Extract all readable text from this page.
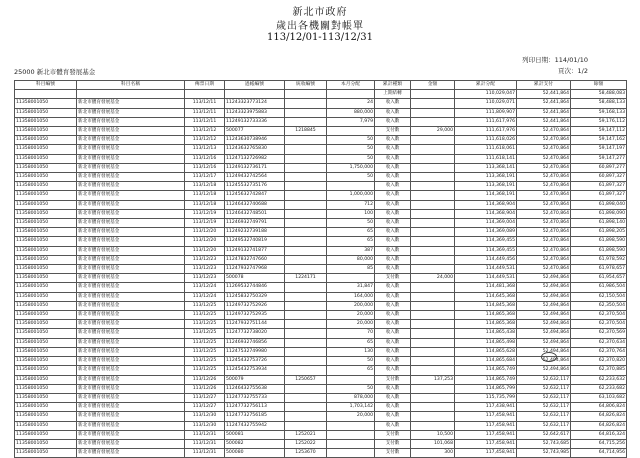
新北市政府
歲出各機關對帳單
113/12/01-113/12/31
列印日期：114/01/10
頁次：1/2
25000 新北市體育發展基金
科目編號	科目名稱	傳票日期	過帳編號	統收編號	本月分配	累計種類	金額	累計分配	累計支付	餘額
						上期結轉		110,029,047	52,441,864	58,488,083
11358001050	新北市體育發展基金	113/12/11	11243323773124		24	收入數		110,029,071	52,441,864	58,488,133
11358001050	新北市體育發展基金	113/12/11	11243323975883		880,000	收入數		111,809,907	52,441,864	59,168,133
11358001050	新北市體育發展基金	113/12/11	11249132733336		7,979	收入數		111,617,976	52,441,864	59,176,112
11358001050	新北市體育發展基金	113/12/12	500077	1218845		支付數	29,000	111,617,976	52,470,864	59,147,112
11358001050	新北市體育發展基金	113/12/12	11243630738946		50	收入數		111,618,026	52,470,864	59,147,162
11358001050	新北市體育發展基金	113/12/13	11243632765830		50	收入數		111,618,061	52,470,864	59,147,197
11358001050	新北市體育發展基金	113/12/16	11247132726982		50	收入數		111,618,141	52,470,864	59,147,277
11358001050	新北市體育發展基金	113/12/16	11249132736171		1,750,000	收入數		113,368,141	52,470,864	60,897,277
11358001050	新北市體育發展基金	113/12/17	11249432742564		50	收入數		113,368,191	52,470,864	60,897,327
11358001050	新北市體育發展基金	113/12/18	11245532735176			收入數		113,368,191	52,470,864	61,897,327
11358001050	新北市體育發展基金	113/12/18	11245632742847		1,000,000	收入數		114,368,191	52,470,864	61,897,327
11358001050	新北市體育發展基金	113/12/18	11246432740688		712	收入數		114,368,904	52,470,864	61,898,040
11358001050	新北市體育發展基金	113/12/19	11246432748501		100	收入數		114,368,904	52,470,864	61,898,090
11358001050	新北市體育發展基金	113/12/19	11246932749791		50	收入數		114,369,004	52,470,864	61,898,140
11358001050	新北市體育發展基金	113/12/20	11249232739188		65	收入數		114,369,089	52,470,864	61,898,205
11358001050	新北市體育發展基金	113/12/20	11249532740819		65	收入數		114,369,455	52,470,864	61,898,590
11358001050	新北市體育發展基金	113/12/20	11249132741877		387	收入數		114,369,455	52,470,864	61,898,590
11358001050	新北市體育發展基金	113/12/23	11247832747660		80,000	收入數		114,449,456	52,470,864	61,978,592
11358001050	新北市體育發展基金	113/12/23	11247932747968		85	收入數		114,449,531	52,470,864	61,978,657
11358001050	新北市體育發展基金	113/12/23	500078	1224171		支付數	24,000	114,449,531	52,494,864	61,954,657
11358001050	新北市體育發展基金	113/12/24	11269532744846		31,847	收入數		114,481,368	52,494,864	61,986,504
11358001050	新北市體育發展基金	113/12/24	11245832750329		164,000	收入數		114,645,368	52,494,864	62,150,504
11358001050	新北市體育發展基金	113/12/25	11249732752926		200,000	收入數		114,845,368	52,494,864	62,350,504
11358001050	新北市體育發展基金	113/12/25	11249732752935		20,000	收入數		114,865,368	52,494,864	62,370,504
11358001050	新北市體育發展基金	113/12/25	11247932751144		20,000	收入數		114,865,368	52,494,864	62,370,504
11358001050	新北市體育發展基金	113/12/25	11247732738020		70	收入數		114,865,438	52,494,864	62,370,569
11358001050	新北市體育發展基金	113/12/25	11246932746856		65	收入數		114,865,498	52,494,864	62,370,634
11358001050	新北市體育發展基金	113/12/25	11247532749980		130	收入數		114,865,628	52,494,864	62,370,764
11358001050	新北市體育發展基金	113/12/25	11245432753726		50	收入數		114,865,684	52,494,864	62,370,820
11358001050	新北市體育發展基金	113/12/25	11245432753934		65	收入數		114,865,749	52,494,864	62,370,885
11358001050	新北市體育發展基金	113/12/26	500079	1250657		支付數	137,253	114,865,749	52,632,117	62,233,632
11358001050	新北市體育發展基金	113/12/26	11246432755638		50	收入數		114,865,799	52,632,117	62,233,682
11358001050	新北市體育發展基金	113/12/27	11247732755733		878,000	收入數		115,735,799	52,632,117	63,103,682
11358001050	新北市體育發展基金	113/12/27	11247732756113		1,703,142	收入數		117,438,941	52,632,117	64,806,824
11358001050	新北市體育發展基金	113/12/30	11247732756185		20,000	收入數		117,458,941	52,632,117	64,826,824
11358001050	新北市體育發展基金	113/12/30	11247432755942			收入數		117,458,941	52,632,117	64,826,824
11358001050	新北市體育發展基金	113/12/31	500081	1252021		支付數	10,500	117,458,941	52,642,617	64,816,324
11358001050	新北市體育發展基金	113/12/31	500082	1252022		支付數	101,068	117,458,941	52,743,685	64,715,256
11358001050	新北市體育發展基金	113/12/31	500080	1253670		支付數	300	117,458,941	52,743,985	64,714,956
